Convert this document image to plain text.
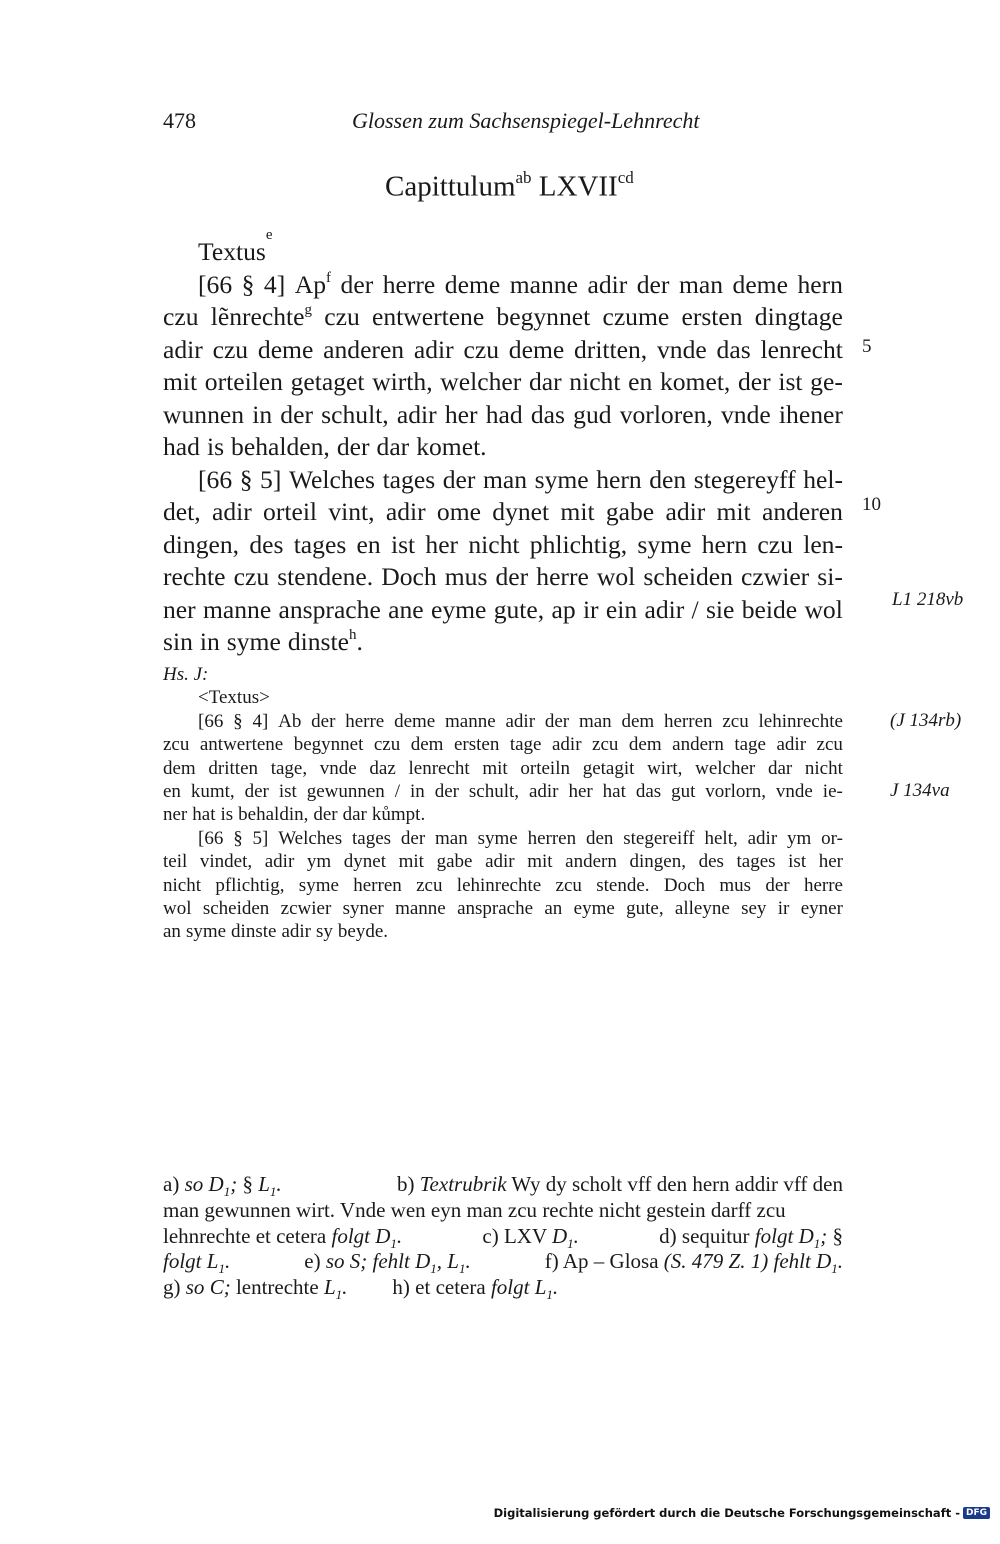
478	Glossen zum Sachsenspiegel-Lehnrecht
Capittulum$^{ab}$ $LXVII^{cd}$
Textus
$^e$
[66 § 4] Ap$^f$ der herre deme manne adir der man deme hern
czu lẽnrechte$^g$ czu entwertene begynnet czume ersten dingtage
adir czu deme anderen adir czu deme dritten, vnde das lenrecht
mit orteilen getaget wirth, welcher dar nicht en komet, der ist ge-
wunnen in der schult, adir her had das gud vorloren, vnde ihener
had is behalden, der dar komet.
[66 § 5] Welches tages der man syme hern den stegereyff hel-
det, adir orteil vint, adir ome dynet mit gabe adir mit anderen
dingen, des tages en ist her nicht phlichtig, syme hern czu len-
rechte czu stendene. Doch mus der herre wol scheiden czwier si-
ner manne ansprache ane eyme gute, ap ir ein adir / sie beide wol
sin in syme dinste$^h$.
5
10
L1 218vb
Hs. J:
<Textus>
[66 § 4] Ab der herre deme manne adir der man dem herren zcu lehinrechte
zcu antwertene begynnet czu dem ersten tage adir zcu dem andern tage adir zcu
dem dritten tage, vnde daz lenrecht mit orteiln getagit wirt, welcher dar nicht
en kumt, der ist gewunnen / in der schult, adir her hat das gut vorlorn, vnde ie-
ner hat is behaldin, der dar kůmpt.
[66 § 5] Welches tages der man syme herren den stegereiff helt, adir ym or-
teil vindet, adir ym dynet mit gabe adir mit andern dingen, des tages ist her
nicht pflichtig, syme herren zcu lehinrechte zcu stende. Doch mus der herre
wol scheiden zcwier syner manne ansprache an eyme gute, alleyne sey ir eyner
an syme dinste adir sy beyde.
(J 134rb)
J 134va
a) so $D_1$; § $L_1$.	b) Textrubrik Wy dy scholt vff den hern addir vff den
man gewunnen wirt. Vnde wen eyn man zcu rechte nicht gestein darff zcu
lehnrechte et cetera folgt $D_1$.	c) LXV $D_1$.	d) sequitur folgt $D_1$; §
folgt $L_1$.	e) so S; fehlt $D_1$, $L_1$.	f) Ap – Glosa (S. 479 Z. 1) fehlt $D_1$.
g) so C; lentrechte $L_1$. h) et cetera folgt $L_1$.
Digitalisierung gefördert durch die Deutsche Forschungsgemeinschaft - DFG
